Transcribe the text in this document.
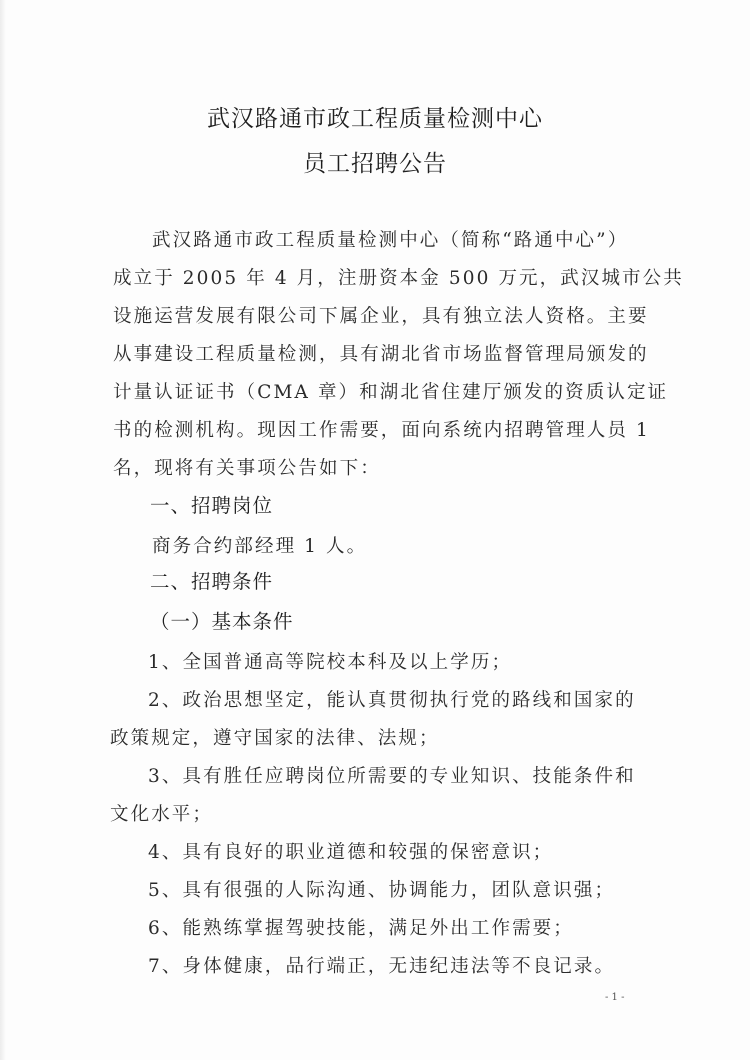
武汉路通市政工程质量检测中心
员工招聘公告
武汉路通市政工程质量检测中心（简称“路通中心”）
成立于 2005 年 4 月，注册资本金 500 万元，武汉城市公共
设施运营发展有限公司下属企业，具有独立法人资格。主要
从事建设工程质量检测，具有湖北省市场监督管理局颁发的
计量认证证书（CMA 章）和湖北省住建厅颁发的资质认定证
书的检测机构。现因工作需要，面向系统内招聘管理人员 1
名，现将有关事项公告如下：
一、招聘岗位
商务合约部经理 1 人。
二、招聘条件
（一）基本条件
1、全国普通高等院校本科及以上学历；
2、政治思想坚定，能认真贯彻执行党的路线和国家的
政策规定，遵守国家的法律、法规；
3、具有胜任应聘岗位所需要的专业知识、技能条件和
文化水平；
4、具有良好的职业道德和较强的保密意识；
5、具有很强的人际沟通、协调能力，团队意识强；
6、能熟练掌握驾驶技能，满足外出工作需要；
7、身体健康，品行端正，无违纪违法等不良记录。
- 1 -
